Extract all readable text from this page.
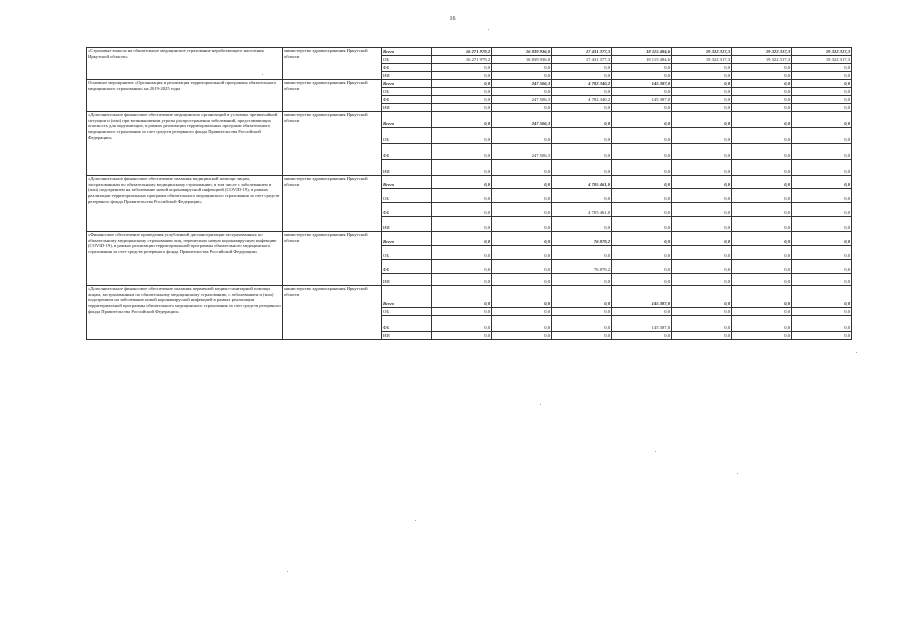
16
«Страховые взносы на обязательное медицинское страхование неработающего населения Иркутской области»	министерство здравоохранения Иркутской области	Всего	16 271 979,2	16 839 936,0	17 431 377,3	18 115 484,6	19 322 317,3	19 322 317,3	19 322 317,3
		ОБ	16 271 979,2	16 839 936,0	17 431 377,3	18 115 484,6	19 322 317,3	19 322 317,3	19 322 317,3
		ФБ	0,0	0,0	0,0	0,0	0,0	0,0	0,0
		ИИ	0,0	0,0	0,0	0,0	0,0	0,0	0,0
Основное мероприятие «Организация и реализация территориальной программы обязательного медицинского страхования» на 2019-2025 годы	министерство здравоохранения Иркутской области	Всего	0,0	247 506,3	4 782 340,2	145 387,0	0,0	0,0	0,0
		ОБ	0,0	0,0	0,0	0,0	0,0	0,0	0,0
		ФБ	0,0	247 506,3	4 782 340,2	145 387,0	0,0	0,0	0,0
		ИИ	0,0	0,0	0,0	0,0	0,0	0,0	0,0
«Дополнительное финансовое обеспечение медицинских организаций в условиях чрезвычайной ситуации и (или) при возникновении угрозы распространения заболеваний, представляющих опасность для окружающих, в рамках реализации территориальных программ обязательного медицинского страхования за счет средств резервного фонда Правительства Российской Федерации»	министерство здравоохранения Иркутской области	Всего	0,0	247 506,3	0,0	0,0	0,0	0,0	0,0
		ОБ	0,0	0,0	0,0	0,0	0,0	0,0	0,0
		ФБ	0,0	247 506,3	0,0	0,0	0,0	0,0	0,0
		ИИ	0,0	0,0	0,0	0,0	0,0	0,0	0,0
«Дополнительное финансовое обеспечение оказания медицинской помощи лицам, застрахованным по обязательному медицинскому страхованию, в том числе с заболеванием и (или) подозрением на заболевание новой коронавирусной инфекцией (COVID-19), в рамках реализации территориальных программ обязательного медицинского страхования за счет средств резервного фонда Правительства Российской Федерации»	министерство здравоохранения Иркутской области	Всего	0,0	0,0	4 705 461,0	0,0	0,0	0,0	0,0
		ОБ	0,0	0,0	0,0	0,0	0,0	0,0	0,0
		ФБ	0,0	0,0	4 705 461,0	0,0	0,0	0,0	0,0
		ИИ	0,0	0,0	0,0	0,0	0,0	0,0	0,0
«Финансовое обеспечение проведения углубленной диспансеризации застрахованных по обязательному медицинскому страхованию лиц, перенесших новую коронавирусную инфекцию (COVID-19), в рамках реализации территориальной программы обязательного медицинского страхования за счет средств резервного фонда Правительства Российской Федерации»	министерство здравоохранения Иркутской области	Всего	0,0	0,0	76 879,2	0,0	0,0	0,0	0,0
		ОБ	0,0	0,0	0,0	0,0	0,0	0,0	0,0
		ФБ	0,0	0,0	76 879,2	0,0	0,0	0,0	0,0
		ИИ	0,0	0,0	0,0	0,0	0,0	0,0	0,0
«Дополнительное финансовое обеспечение оказания первичной медико-санитарной помощи лицам, застрахованным по обязательному медицинскому страхованию, с заболеванием и (или) подозрением на заболевание новой коронавирусной инфекцией в рамках реализации территориальной программы обязательного медицинского страхования за счет средств резервного фонда Правительства Российской Федерации»	министерство здравоохранения Иркутской области	Всего	0,0	0,0	0,0	145 387,0	0,0	0,0	0,0
		ОБ	0,0	0,0	0,0	0,0	0,0	0,0	0,0
		ФБ	0,0	0,0	0,0	145 387,0	0,0	0,0	0,0
		ИИ	0,0	0,0	0,0	0,0	0,0	0,0	0,0
